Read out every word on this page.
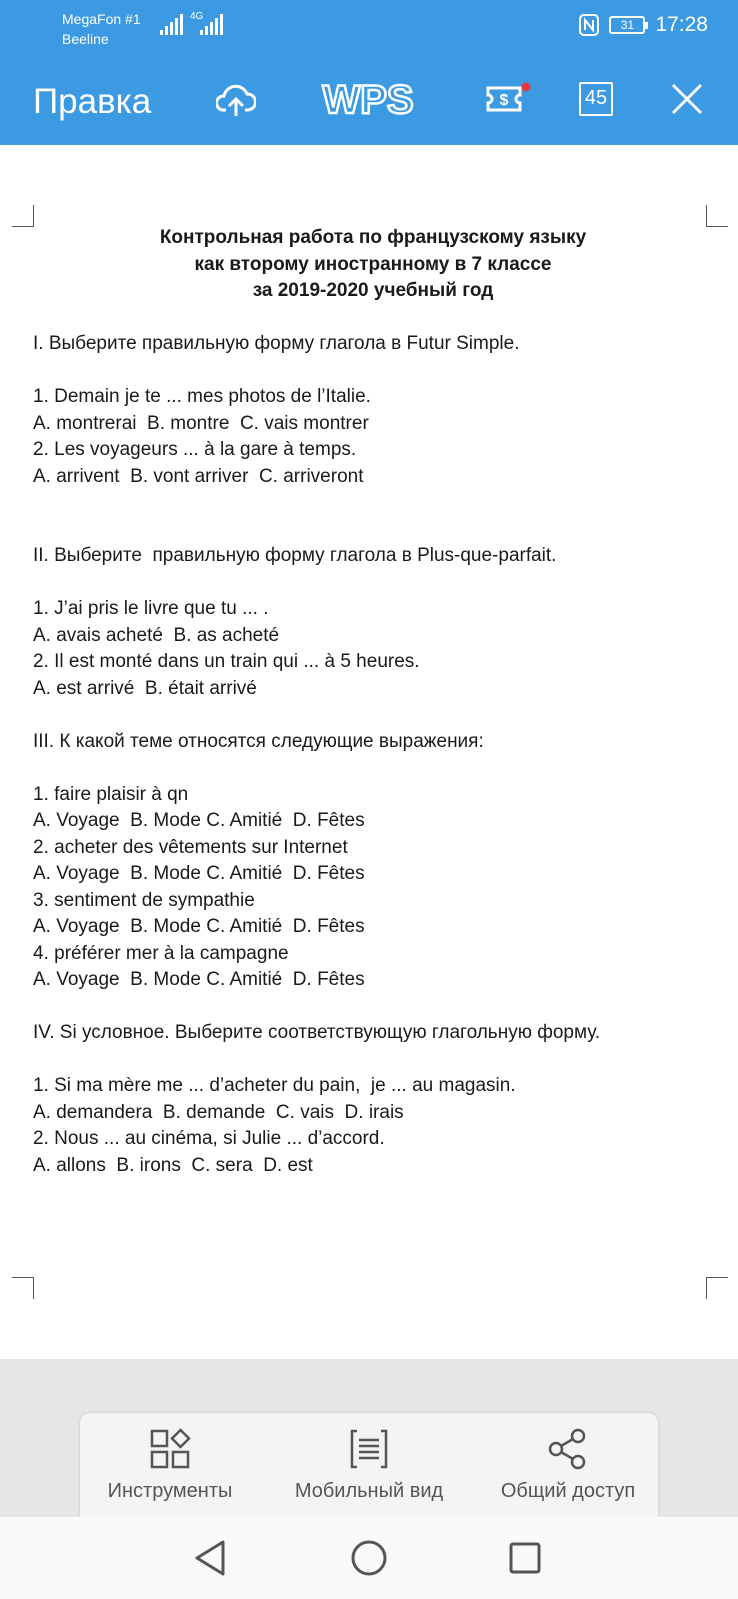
MegaFon #1
Beeline
4G
31	17:28
Правка	WPS	$	45
Контрольная работа по французскому языку
как второму иностранному в 7 классе
за 2019-2020 учебный год
I. Выберите правильную форму глагола в Futur Simple.
1. Demain je te ... mes photos de l’Italie.
A. montrerai  B. montre  C. vais montrer
2. Les voyageurs ... à la gare à temps.
A. arrivent  B. vont arriver  C. arriveront
II. Выберите  правильную форму глагола в Plus-que-parfait.
1. J’ai pris le livre que tu ... .
A. avais acheté  B. as acheté
2. Il est monté dans un train qui ... à 5 heures.
A. est arrivé  B. était arrivé
III. К какой теме относятся следующие выражения:
1. faire plaisir à qn
A. Voyage  B. Mode C. Amitié  D. Fêtes
2. acheter des vêtements sur Internet
A. Voyage  B. Mode C. Amitié  D. Fêtes
3. sentiment de sympathie
A. Voyage  B. Mode C. Amitié  D. Fêtes
4. préférer mer à la campagne
A. Voyage  B. Mode C. Amitié  D. Fêtes
IV. Si условное. Выберите соответствующую глагольную форму.
1. Si ma mère me ... d’acheter du pain,  je ... au magasin.
A. demandera  B. demande  C. vais  D. irais
2. Nous ... au cinéma, si Julie ... d’accord.
A. allons  B. irons  C. sera  D. est
Инструменты	Мобильный вид	Общий доступ
